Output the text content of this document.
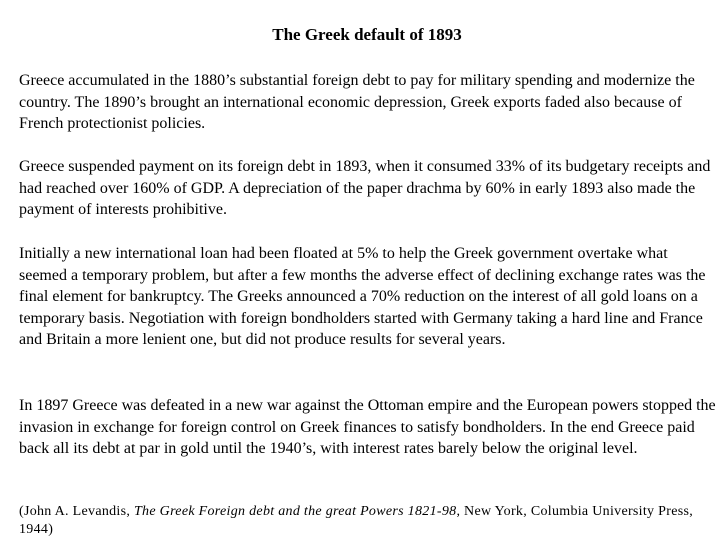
The Greek default of 1893

Greece accumulated in the 1880’s substantial foreign debt to pay for military spending and modernize the country. The 1890’s brought an international economic depression, Greek exports faded also because of French protectionist policies.

Greece suspended payment on its foreign debt in 1893, when it consumed 33% of its budgetary receipts and had reached over 160% of GDP. A depreciation of the paper drachma by 60% in early 1893 also made the payment of interests prohibitive.

Initially a new international loan had been floated at 5% to help the Greek government overtake what seemed a temporary problem, but after a few months the adverse effect of declining exchange rates was the final element for bankruptcy. The Greeks announced a 70% reduction on the interest of all gold loans on a temporary basis. Negotiation with foreign bondholders started with Germany taking a hard line and France and Britain a more lenient one, but did not produce results for several years.

In 1897 Greece was defeated in a new war against the Ottoman empire and the European powers stopped the invasion in exchange for foreign control on Greek finances to satisfy bondholders. In the end Greece paid back all its debt at par in gold until the 1940’s, with interest rates barely below the original level.

(John A. Levandis, The Greek Foreign debt and the great Powers 1821-98, New York, Columbia University Press, 1944)
